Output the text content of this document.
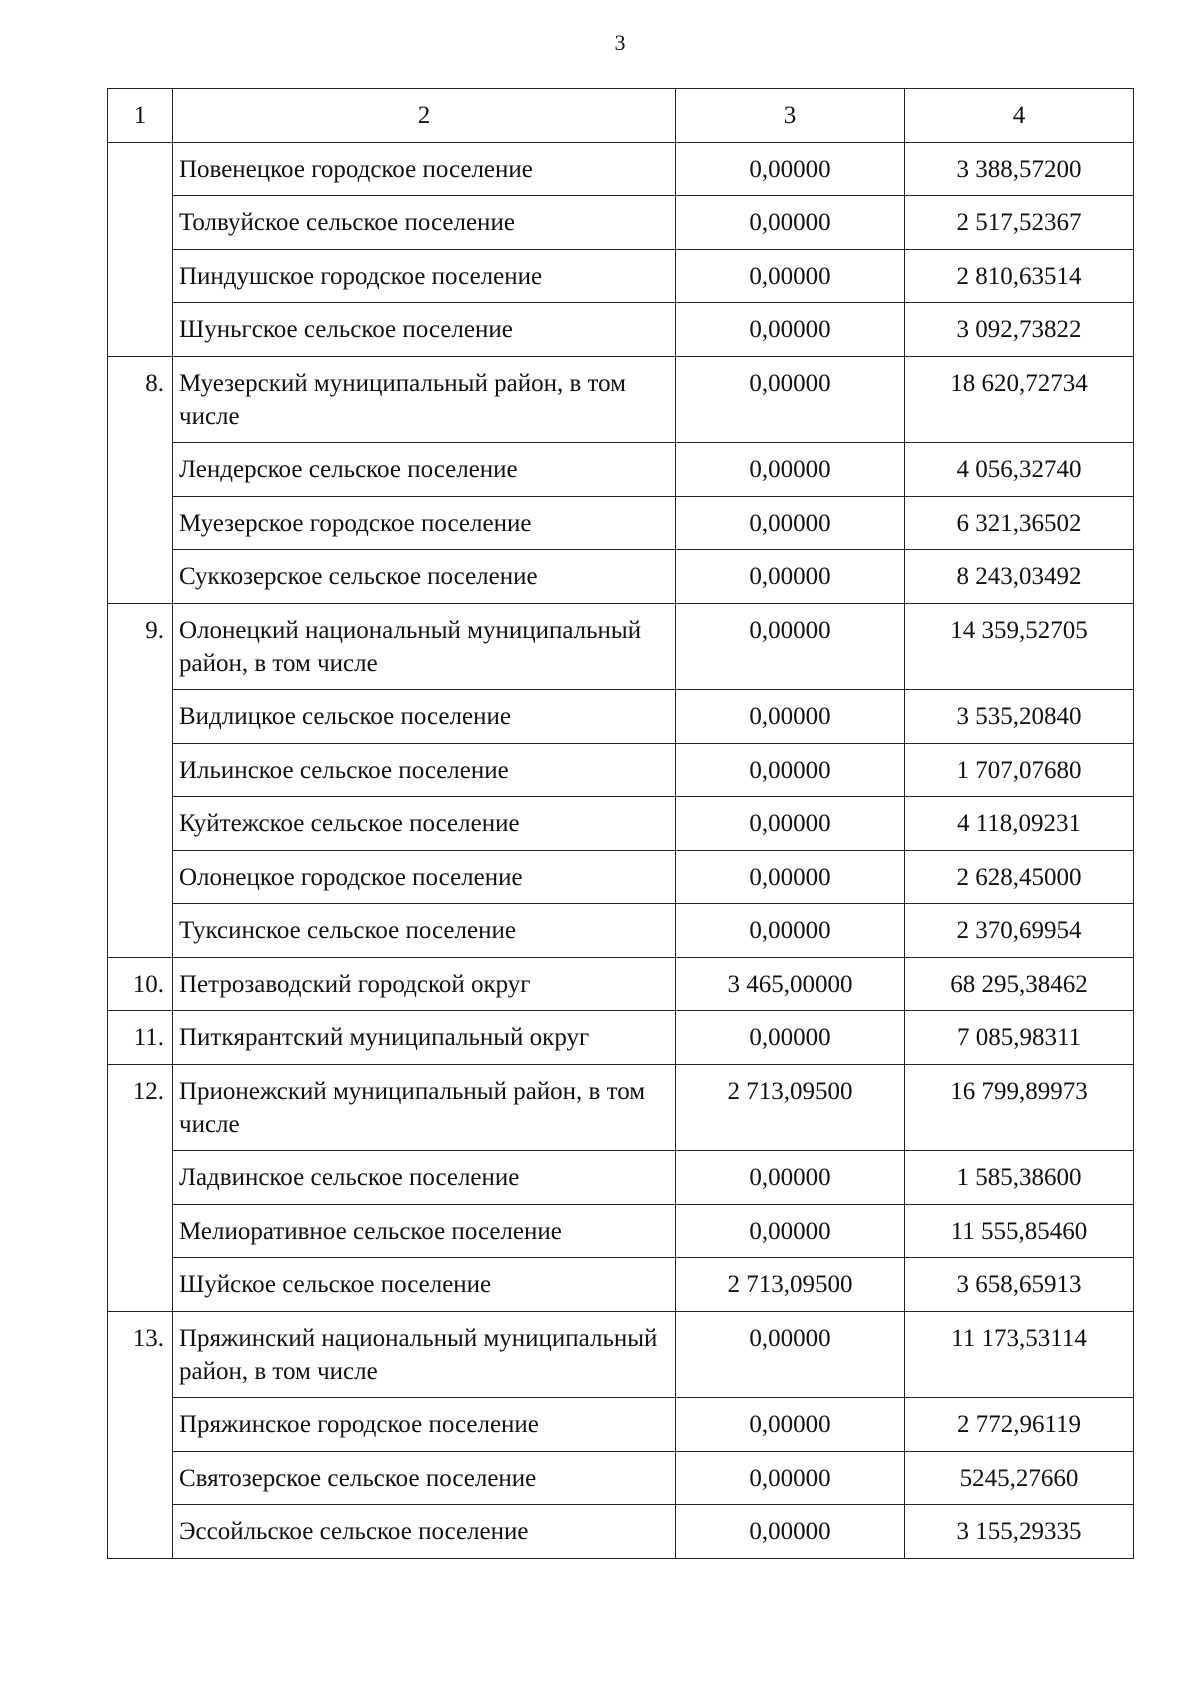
3
1	2	3	4
	Повенецкое городское поселение	0,00000	3 388,57200
	Толвуйское сельское поселение	0,00000	2 517,52367
	Пиндушское городское поселение	0,00000	2 810,63514
	Шуньгское сельское поселение	0,00000	3 092,73822
8.	Муезерский муниципальный район, в том числе	0,00000	18 620,72734
	Лендерское сельское поселение	0,00000	4 056,32740
	Муезерское городское поселение	0,00000	6 321,36502
	Суккозерское сельское поселение	0,00000	8 243,03492
9.	Олонецкий национальный муниципальный район, в том числе	0,00000	14 359,52705
	Видлицкое сельское поселение	0,00000	3 535,20840
	Ильинское сельское поселение	0,00000	1 707,07680
	Куйтежское сельское поселение	0,00000	4 118,09231
	Олонецкое городское поселение	0,00000	2 628,45000
	Туксинское сельское поселение	0,00000	2 370,69954
10.	Петрозаводский городской округ	3 465,00000	68 295,38462
11.	Питкярантский муниципальный округ	0,00000	7 085,98311
12.	Прионежский муниципальный район, в том числе	2 713,09500	16 799,89973
	Ладвинское сельское поселение	0,00000	1 585,38600
	Мелиоративное сельское поселение	0,00000	11 555,85460
	Шуйское сельское поселение	2 713,09500	3 658,65913
13.	Пряжинский национальный муниципальный район, в том числе	0,00000	11 173,53114
	Пряжинское городское поселение	0,00000	2 772,96119
	Святозерское сельское поселение	0,00000	5245,27660
	Эссойльское сельское поселение	0,00000	3 155,29335
